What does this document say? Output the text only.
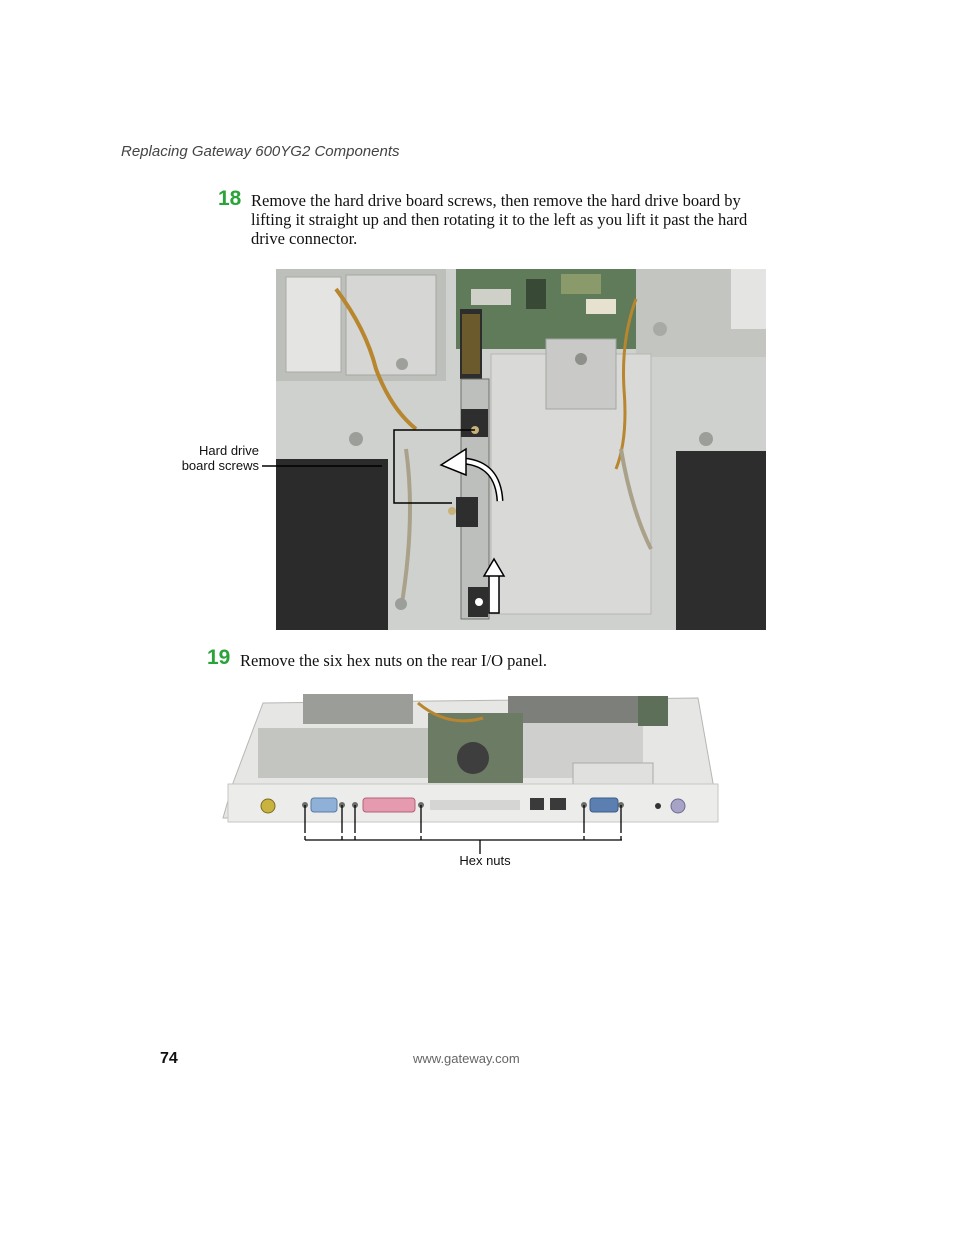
Replacing Gateway 600YG2 Components
18 Remove the hard drive board screws, then remove the hard drive board by lifting it straight up and then rotating it to the left as you lift it past the hard drive connector.
Hard drive
board screws
19 Remove the six hex nuts on the rear I/O panel.
Hex nuts
74	www.gateway.com
